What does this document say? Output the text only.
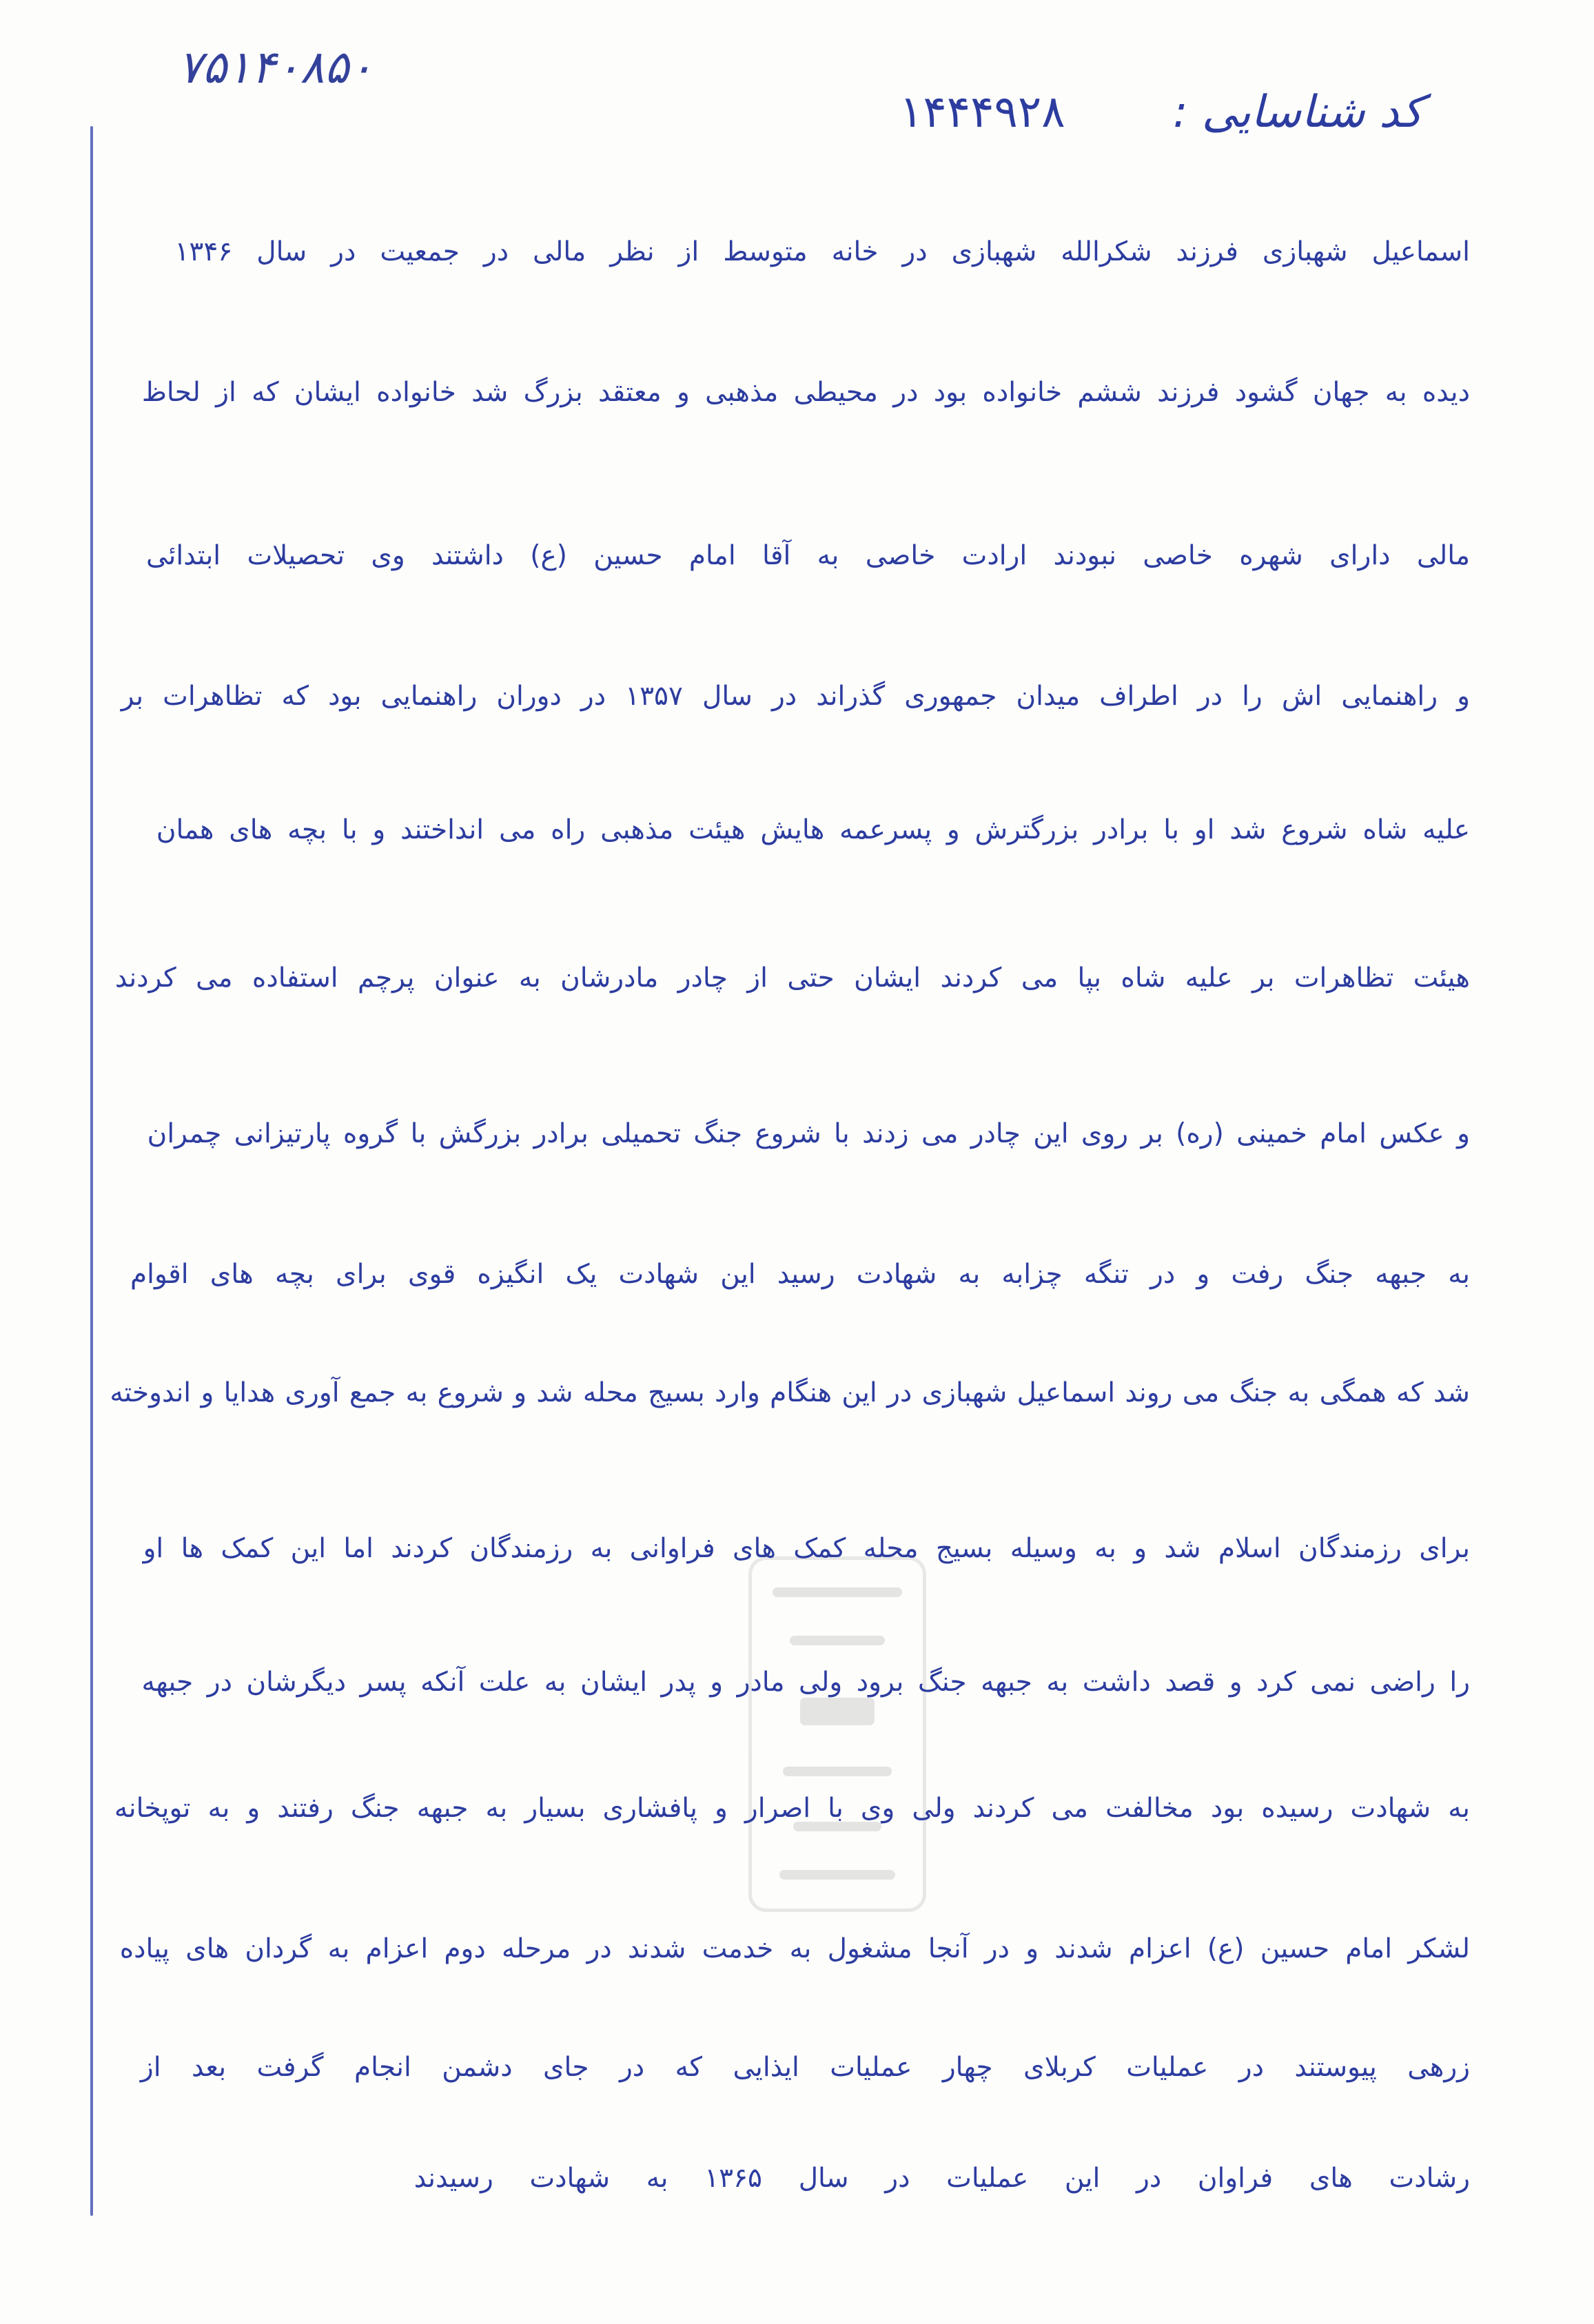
۷۵۱۴۰۸۵۰
کد شناسایی :
۱۴۴۴۹۲۸
اسماعیل شهبازی فرزند شکرالله شهبازی در خانه متوسط از نظر مالی در جمعیت در سال ۱۳۴۶
دیده به جهان گشود فرزند ششم خانواده بود در محیطی مذهبی و معتقد بزرگ شد خانواده ایشان که از لحاظ
مالی دارای شهره خاصی نبودند ارادت خاصی به آقا امام حسین (ع) داشتند وی تحصیلات ابتدائی
و راهنمایی اش را در اطراف میدان جمهوری گذراند در سال ۱۳۵۷ در دوران راهنمایی بود که تظاهرات بر
علیه شاه شروع شد او با برادر بزرگترش و پسرعمه هایش هیئت مذهبی راه می انداختند و با بچه های همان
هیئت تظاهرات بر علیه شاه بپا می کردند ایشان حتی از چادر مادرشان به عنوان پرچم استفاده می کردند
و عکس امام خمینی (ره) بر روی این چادر می زدند با شروع جنگ تحمیلی برادر بزرگش با گروه پارتیزانی چمران
به جبهه جنگ رفت و در تنگه چزابه به شهادت رسید این شهادت یک انگیزه قوی برای بچه های اقوام
شد که همگی به جنگ می روند اسماعیل شهبازی در این هنگام وارد بسیج محله شد و شروع به جمع آوری هدایا و اندوخته
برای رزمندگان اسلام شد و به وسیله بسیج محله کمک های فراوانی به رزمندگان کردند اما این کمک ها او
را راضی نمی کرد و قصد داشت به جبهه جنگ برود ولی مادر و پدر ایشان به علت آنکه پسر دیگرشان در جبهه
به شهادت رسیده بود مخالفت می کردند ولی وی با اصرار و پافشاری بسیار به جبهه جنگ رفتند و به توپخانه
لشکر امام حسین (ع) اعزام شدند و در آنجا مشغول به خدمت شدند در مرحله دوم اعزام به گردان های پیاده
زرهی پیوستند در عملیات کربلای چهار عملیات ایذایی که در جای دشمن انجام گرفت بعد از
رشادت های فراوان در این عملیات در سال ۱۳۶۵ به شهادت رسیدند
